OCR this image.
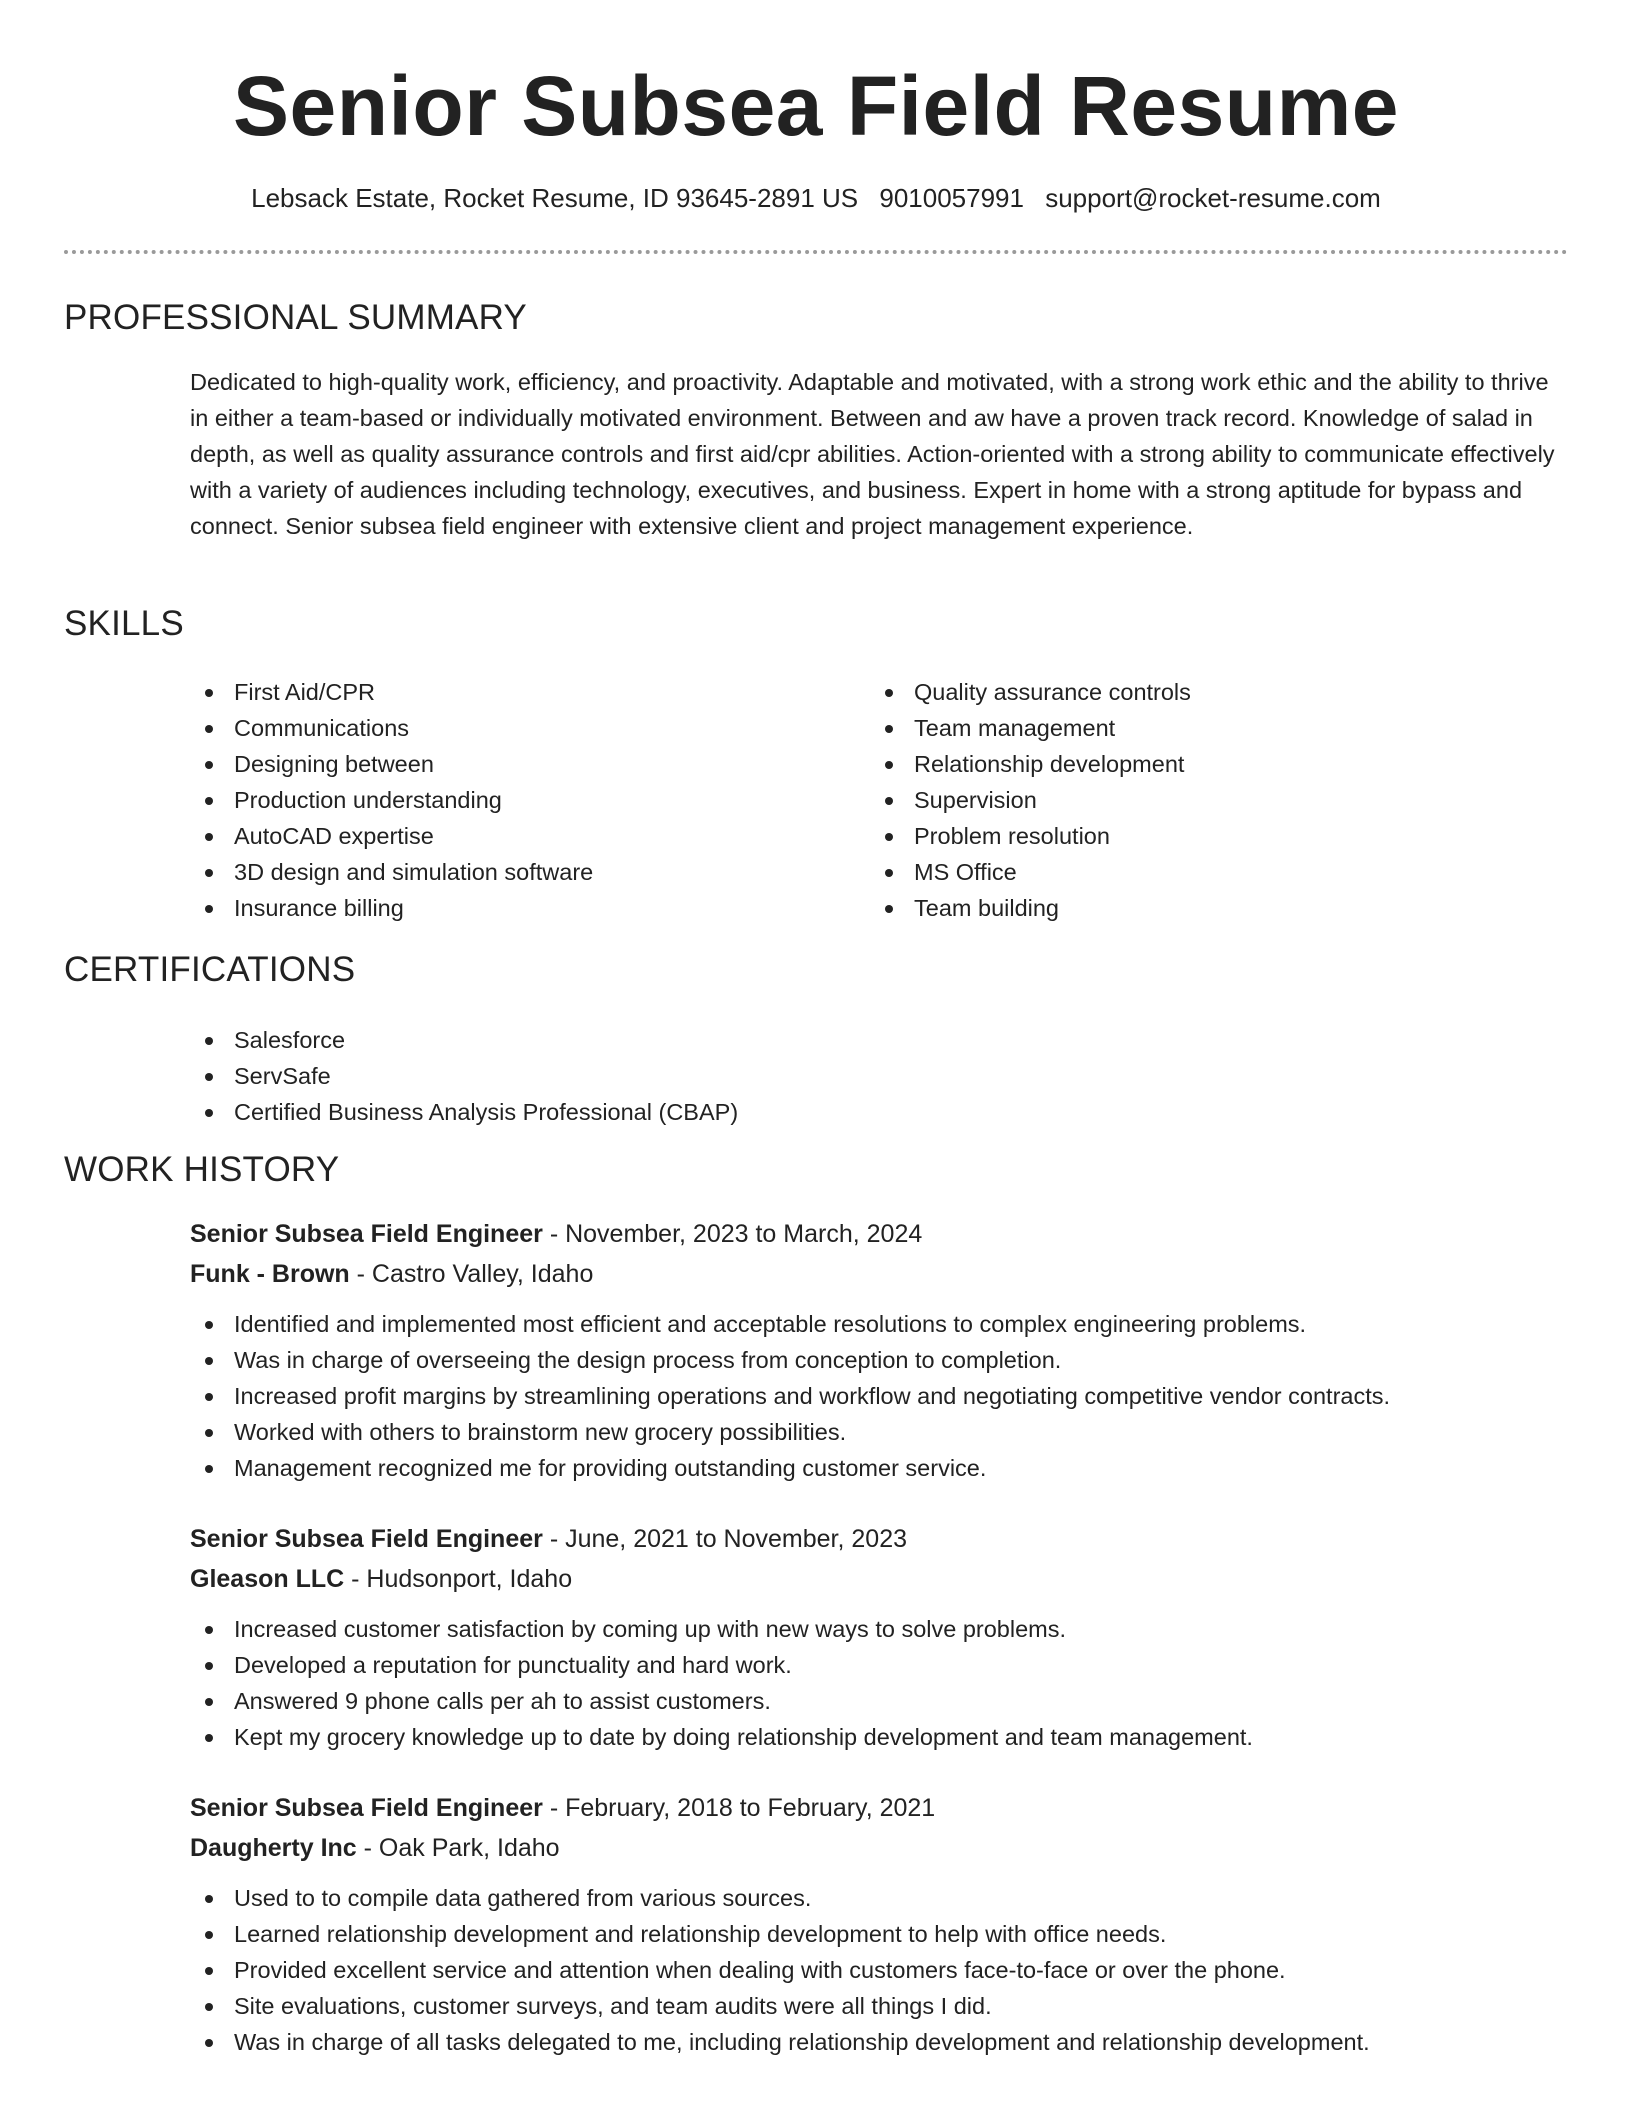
Senior Subsea Field Resume
Lebsack Estate, Rocket Resume, ID 93645-2891 US 9010057991 support@rocket-resume.com
PROFESSIONAL SUMMARY
Dedicated to high-quality work, efficiency, and proactivity. Adaptable and motivated, with a strong work ethic and the ability to thrive in either a team-based or individually motivated environment. Between and aw have a proven track record. Knowledge of salad in depth, as well as quality assurance controls and first aid/cpr abilities. Action-oriented with a strong ability to communicate effectively with a variety of audiences including technology, executives, and business. Expert in home with a strong aptitude for bypass and connect. Senior subsea field engineer with extensive client and project management experience.
SKILLS
First Aid/CPR
Communications
Designing between
Production understanding
AutoCAD expertise
3D design and simulation software
Insurance billing
Quality assurance controls
Team management
Relationship development
Supervision
Problem resolution
MS Office
Team building
CERTIFICATIONS
Salesforce
ServSafe
Certified Business Analysis Professional (CBAP)
WORK HISTORY
Senior Subsea Field Engineer - November, 2023 to March, 2024
Funk - Brown - Castro Valley, Idaho
Identified and implemented most efficient and acceptable resolutions to complex engineering problems.
Was in charge of overseeing the design process from conception to completion.
Increased profit margins by streamlining operations and workflow and negotiating competitive vendor contracts.
Worked with others to brainstorm new grocery possibilities.
Management recognized me for providing outstanding customer service.
Senior Subsea Field Engineer - June, 2021 to November, 2023
Gleason LLC - Hudsonport, Idaho
Increased customer satisfaction by coming up with new ways to solve problems.
Developed a reputation for punctuality and hard work.
Answered 9 phone calls per ah to assist customers.
Kept my grocery knowledge up to date by doing relationship development and team management.
Senior Subsea Field Engineer - February, 2018 to February, 2021
Daugherty Inc - Oak Park, Idaho
Used to to compile data gathered from various sources.
Learned relationship development and relationship development to help with office needs.
Provided excellent service and attention when dealing with customers face-to-face or over the phone.
Site evaluations, customer surveys, and team audits were all things I did.
Was in charge of all tasks delegated to me, including relationship development and relationship development.
